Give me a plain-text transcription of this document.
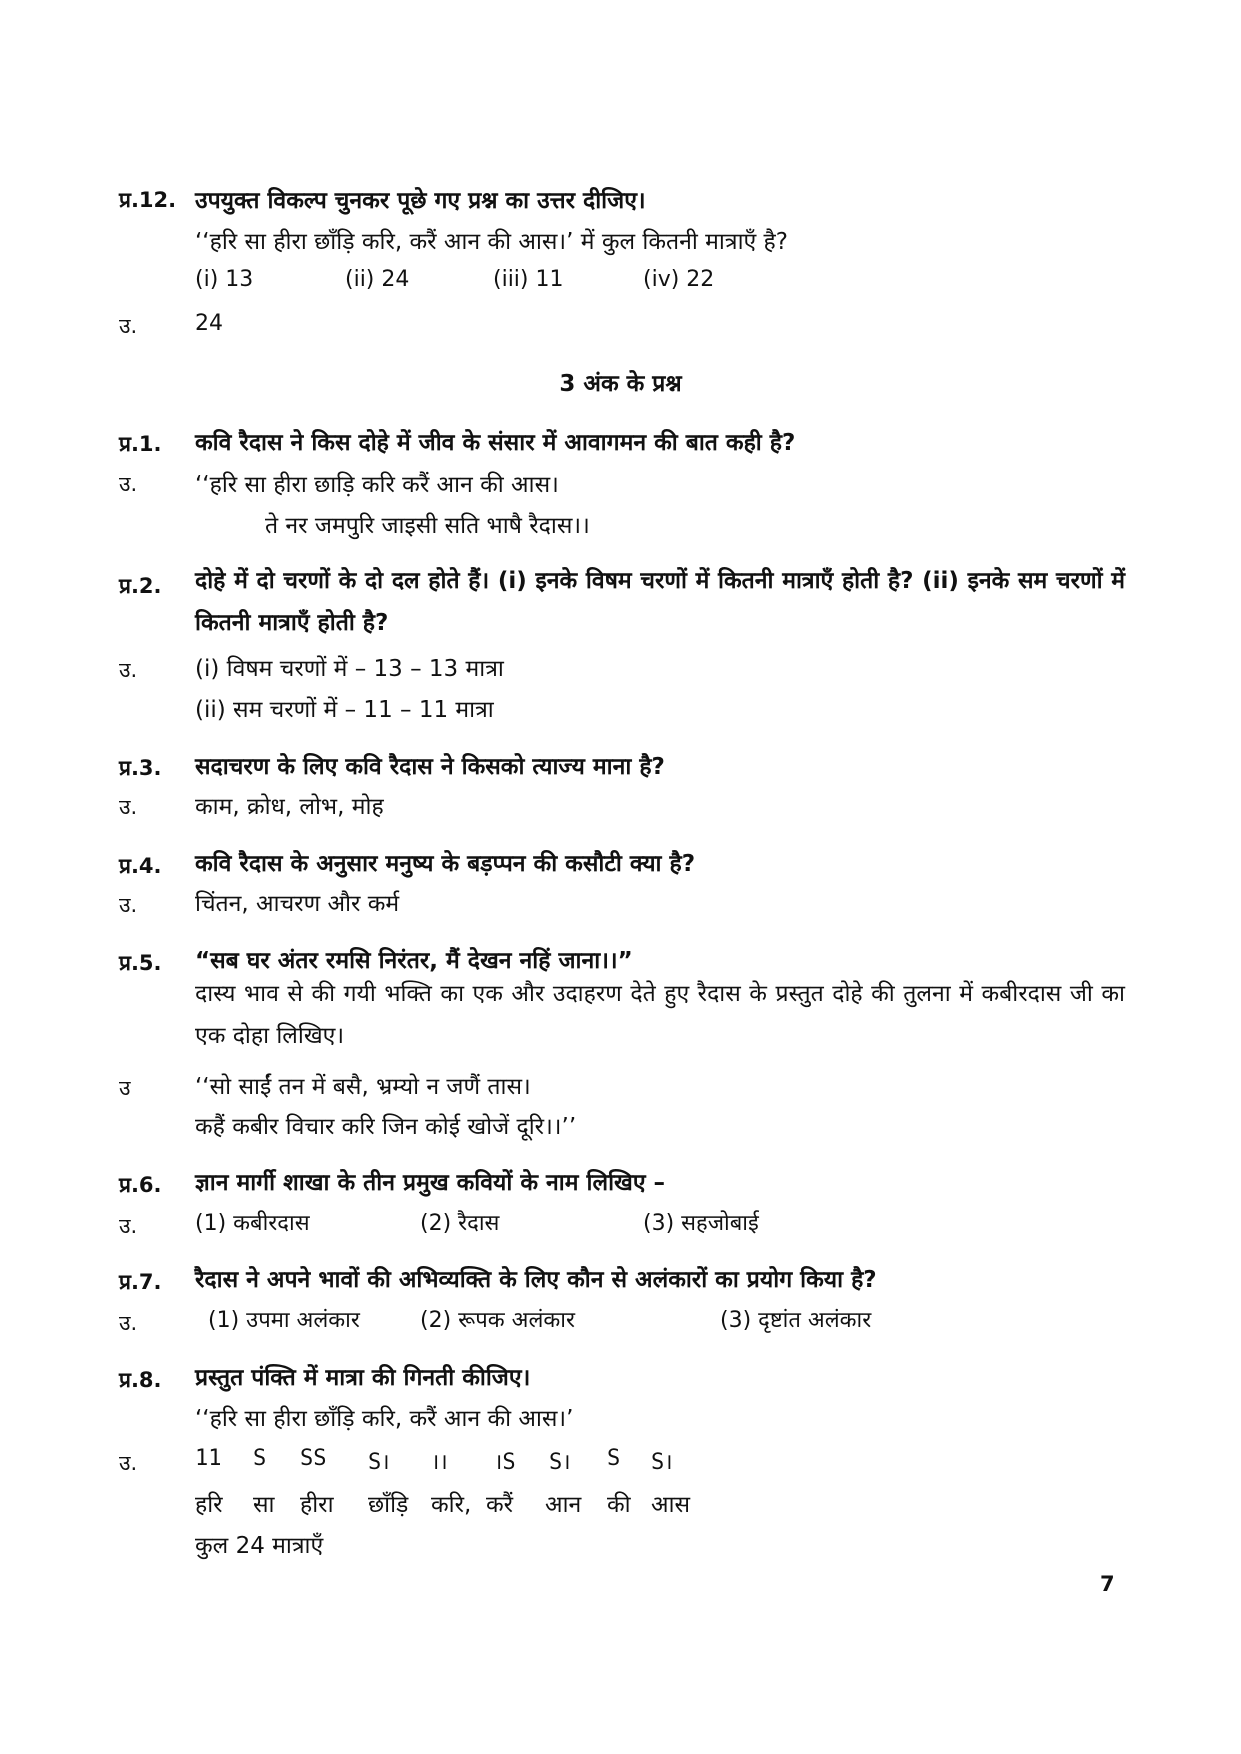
प्र.12. उपयुक्त विकल्प चुनकर पूछे गए प्रश्न का उत्तर दीजिए।
‘‘हरि सा हीरा छाँड़ि करि, करैं आन की आस।’ में कुल कितनी मात्राएँ है?
(i) 13	(ii) 24	(iii) 11	(iv) 22
उ.	24
3 अंक के प्रश्न
प्र.1. कवि रैदास ने किस दोहे में जीव के संसार में आवागमन की बात कही है?
उ.	‘‘हरि सा हीरा छाड़ि करि करैं आन की आस।
ते नर जमपुरि जाइसी सति भाषै रैदास।।
प्र.2. दोहे में दो चरणों के दो दल होते हैं। (i) इनके विषम चरणों में कितनी मात्राएँ होती है? (ii) इनके सम चरणों में कितनी मात्राएँ होती है?
उ.	(i) विषम चरणों में – 13 – 13 मात्रा
(ii) सम चरणों में – 11 – 11 मात्रा
प्र.3. सदाचरण के लिए कवि रैदास ने किसको त्याज्य माना है?
उ.	काम, क्रोध, लोभ, मोह
प्र.4. कवि रैदास के अनुसार मनुष्य के बड़प्पन की कसौटी क्या है?
उ.	चिंतन, आचरण और कर्म
प्र.5. “सब घर अंतर रमसि निरंतर, मैं देखन नहिं जाना।।”
दास्य भाव से की गयी भक्ति का एक और उदाहरण देते हुए रैदास के प्रस्तुत दोहे की तुलना में कबीरदास जी का एक दोहा लिखिए।
उ	‘‘सो साईं तन में बसै, भ्रम्यो न जणैं तास।
कहैं कबीर विचार करि जिन कोई खोजें दूरि।।’’
प्र.6. ज्ञान मार्गी शाखा के तीन प्रमुख कवियों के नाम लिखिए –
उ.	(1) कबीरदास	(2) रैदास	(3) सहजोबाई
प्र.7. रैदास ने अपने भावों की अभिव्यक्ति के लिए कौन से अलंकारों का प्रयोग किया है?
उ.	(1) उपमा अलंकार	(2) रूपक अलंकार	(3) दृष्टांत अलंकार
प्र.8. प्रस्तुत पंक्ति में मात्रा की गिनती कीजिए।
‘‘हरि सा हीरा छाँड़ि करि, करैं आन की आस।’
उ.	11 S SS S। ।। ।S S। S S।
हरि सा हीरा छाँड़ि करि, करैं आन की आस
कुल 24 मात्राएँ
7
